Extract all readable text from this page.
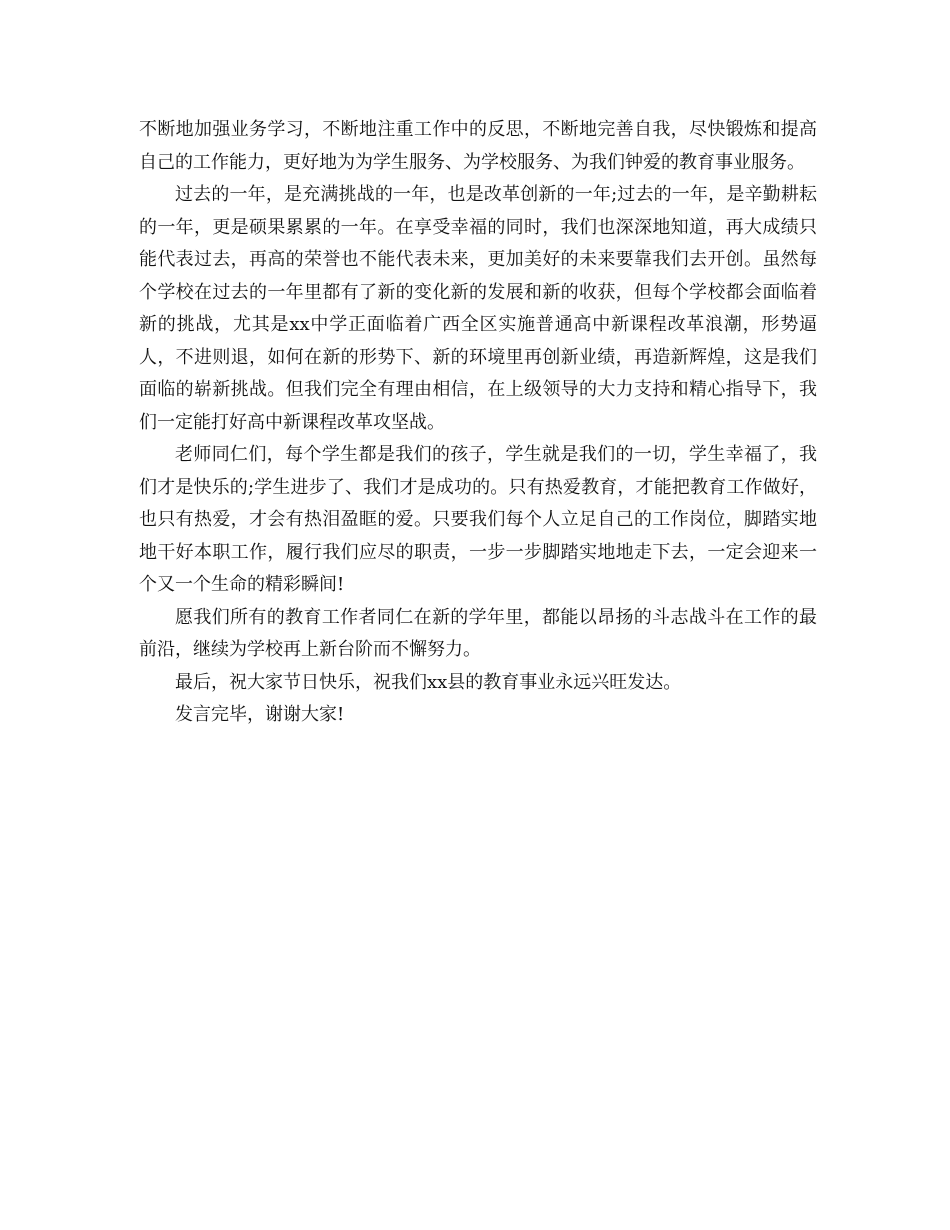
不断地加强业务学习，不断地注重工作中的反思，不断地完善自我，尽快锻炼和提高自己的工作能力，更好地为为学生服务、为学校服务、为我们钟爱的教育事业服务。

过去的一年，是充满挑战的一年，也是改革创新的一年;过去的一年，是辛勤耕耘的一年，更是硕果累累的一年。在享受幸福的同时，我们也深深地知道，再大成绩只能代表过去，再高的荣誉也不能代表未来，更加美好的未来要靠我们去开创。虽然每个学校在过去的一年里都有了新的变化新的发展和新的收获，但每个学校都会面临着新的挑战，尤其是xx中学正面临着广西全区实施普通高中新课程改革浪潮，形势逼人，不进则退，如何在新的形势下、新的环境里再创新业绩，再造新辉煌，这是我们面临的崭新挑战。但我们完全有理由相信，在上级领导的大力支持和精心指导下，我们一定能打好高中新课程改革攻坚战。

老师同仁们，每个学生都是我们的孩子，学生就是我们的一切，学生幸福了，我们才是快乐的;学生进步了、我们才是成功的。只有热爱教育，才能把教育工作做好，也只有热爱，才会有热泪盈眶的爱。只要我们每个人立足自己的工作岗位，脚踏实地地干好本职工作，履行我们应尽的职责，一步一步脚踏实地地走下去，一定会迎来一个又一个生命的精彩瞬间!

愿我们所有的教育工作者同仁在新的学年里，都能以昂扬的斗志战斗在工作的最前沿，继续为学校再上新台阶而不懈努力。

最后，祝大家节日快乐，祝我们xx县的教育事业永远兴旺发达。

发言完毕，谢谢大家!
